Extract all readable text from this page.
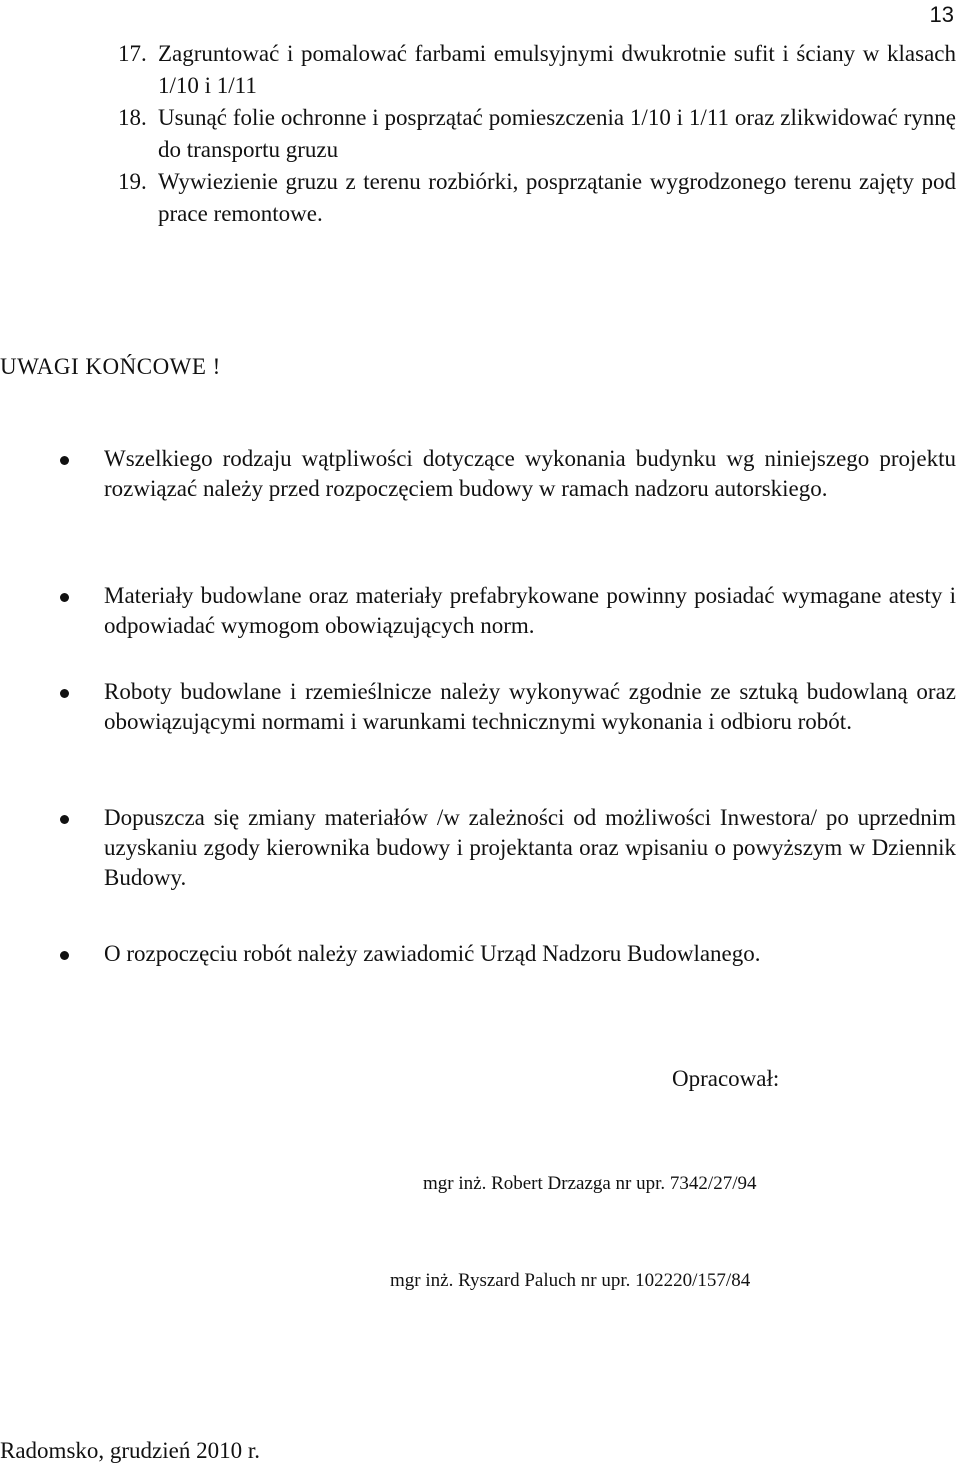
13
17. Zagruntować i pomalować farbami emulsyjnymi dwukrotnie sufit i ściany w klasach 1/10 i 1/11
18. Usunąć folie ochronne i posprzątać pomieszczenia 1/10 i 1/11 oraz zlikwidować rynnę do transportu gruzu
19. Wywiezienie gruzu z terenu rozbiórki, posprzątanie wygrodzonego terenu zajęty pod prace remontowe.
UWAGI KOŃCOWE !
Wszelkiego rodzaju wątpliwości dotyczące wykonania budynku wg niniejszego projektu rozwiązać należy przed rozpoczęciem budowy w ramach nadzoru autorskiego.
Materiały budowlane oraz materiały prefabrykowane powinny posiadać wymagane atesty i odpowiadać wymogom obowiązujących norm.
Roboty budowlane i rzemieślnicze należy wykonywać zgodnie ze sztuką budowlaną oraz obowiązującymi normami i warunkami technicznymi wykonania i odbioru robót.
Dopuszcza się zmiany materiałów /w zależności od możliwości Inwestora/ po uprzednim uzyskaniu zgody kierownika budowy i projektanta oraz wpisaniu o powyższym w Dziennik Budowy.
O rozpoczęciu robót należy zawiadomić Urząd Nadzoru Budowlanego.
Opracował:
mgr inż. Robert Drzazga nr upr. 7342/27/94
mgr inż. Ryszard Paluch nr upr. 102220/157/84
Radomsko, grudzień 2010 r.
